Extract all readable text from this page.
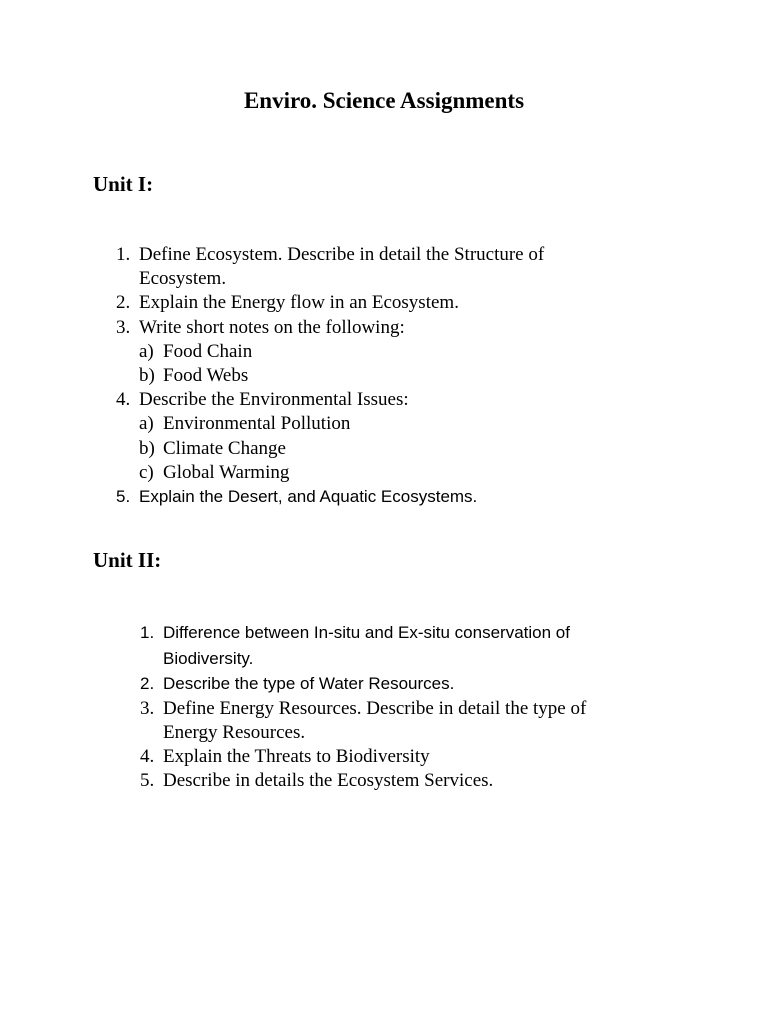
Enviro. Science Assignments
Unit I:
1. Define Ecosystem. Describe in detail the Structure of
Ecosystem.
2. Explain the Energy flow in an Ecosystem.
3. Write short notes on the following:
a) Food Chain
b) Food Webs
4. Describe the Environmental Issues:
a) Environmental Pollution
b) Climate Change
c) Global Warming
5. Explain the Desert, and Aquatic Ecosystems.
Unit II:
1. Difference between In-situ and Ex-situ conservation of
Biodiversity.
2. Describe the type of Water Resources.
3. Define Energy Resources. Describe in detail the type of
Energy Resources.
4. Explain the Threats to Biodiversity
5. Describe in details the Ecosystem Services.
